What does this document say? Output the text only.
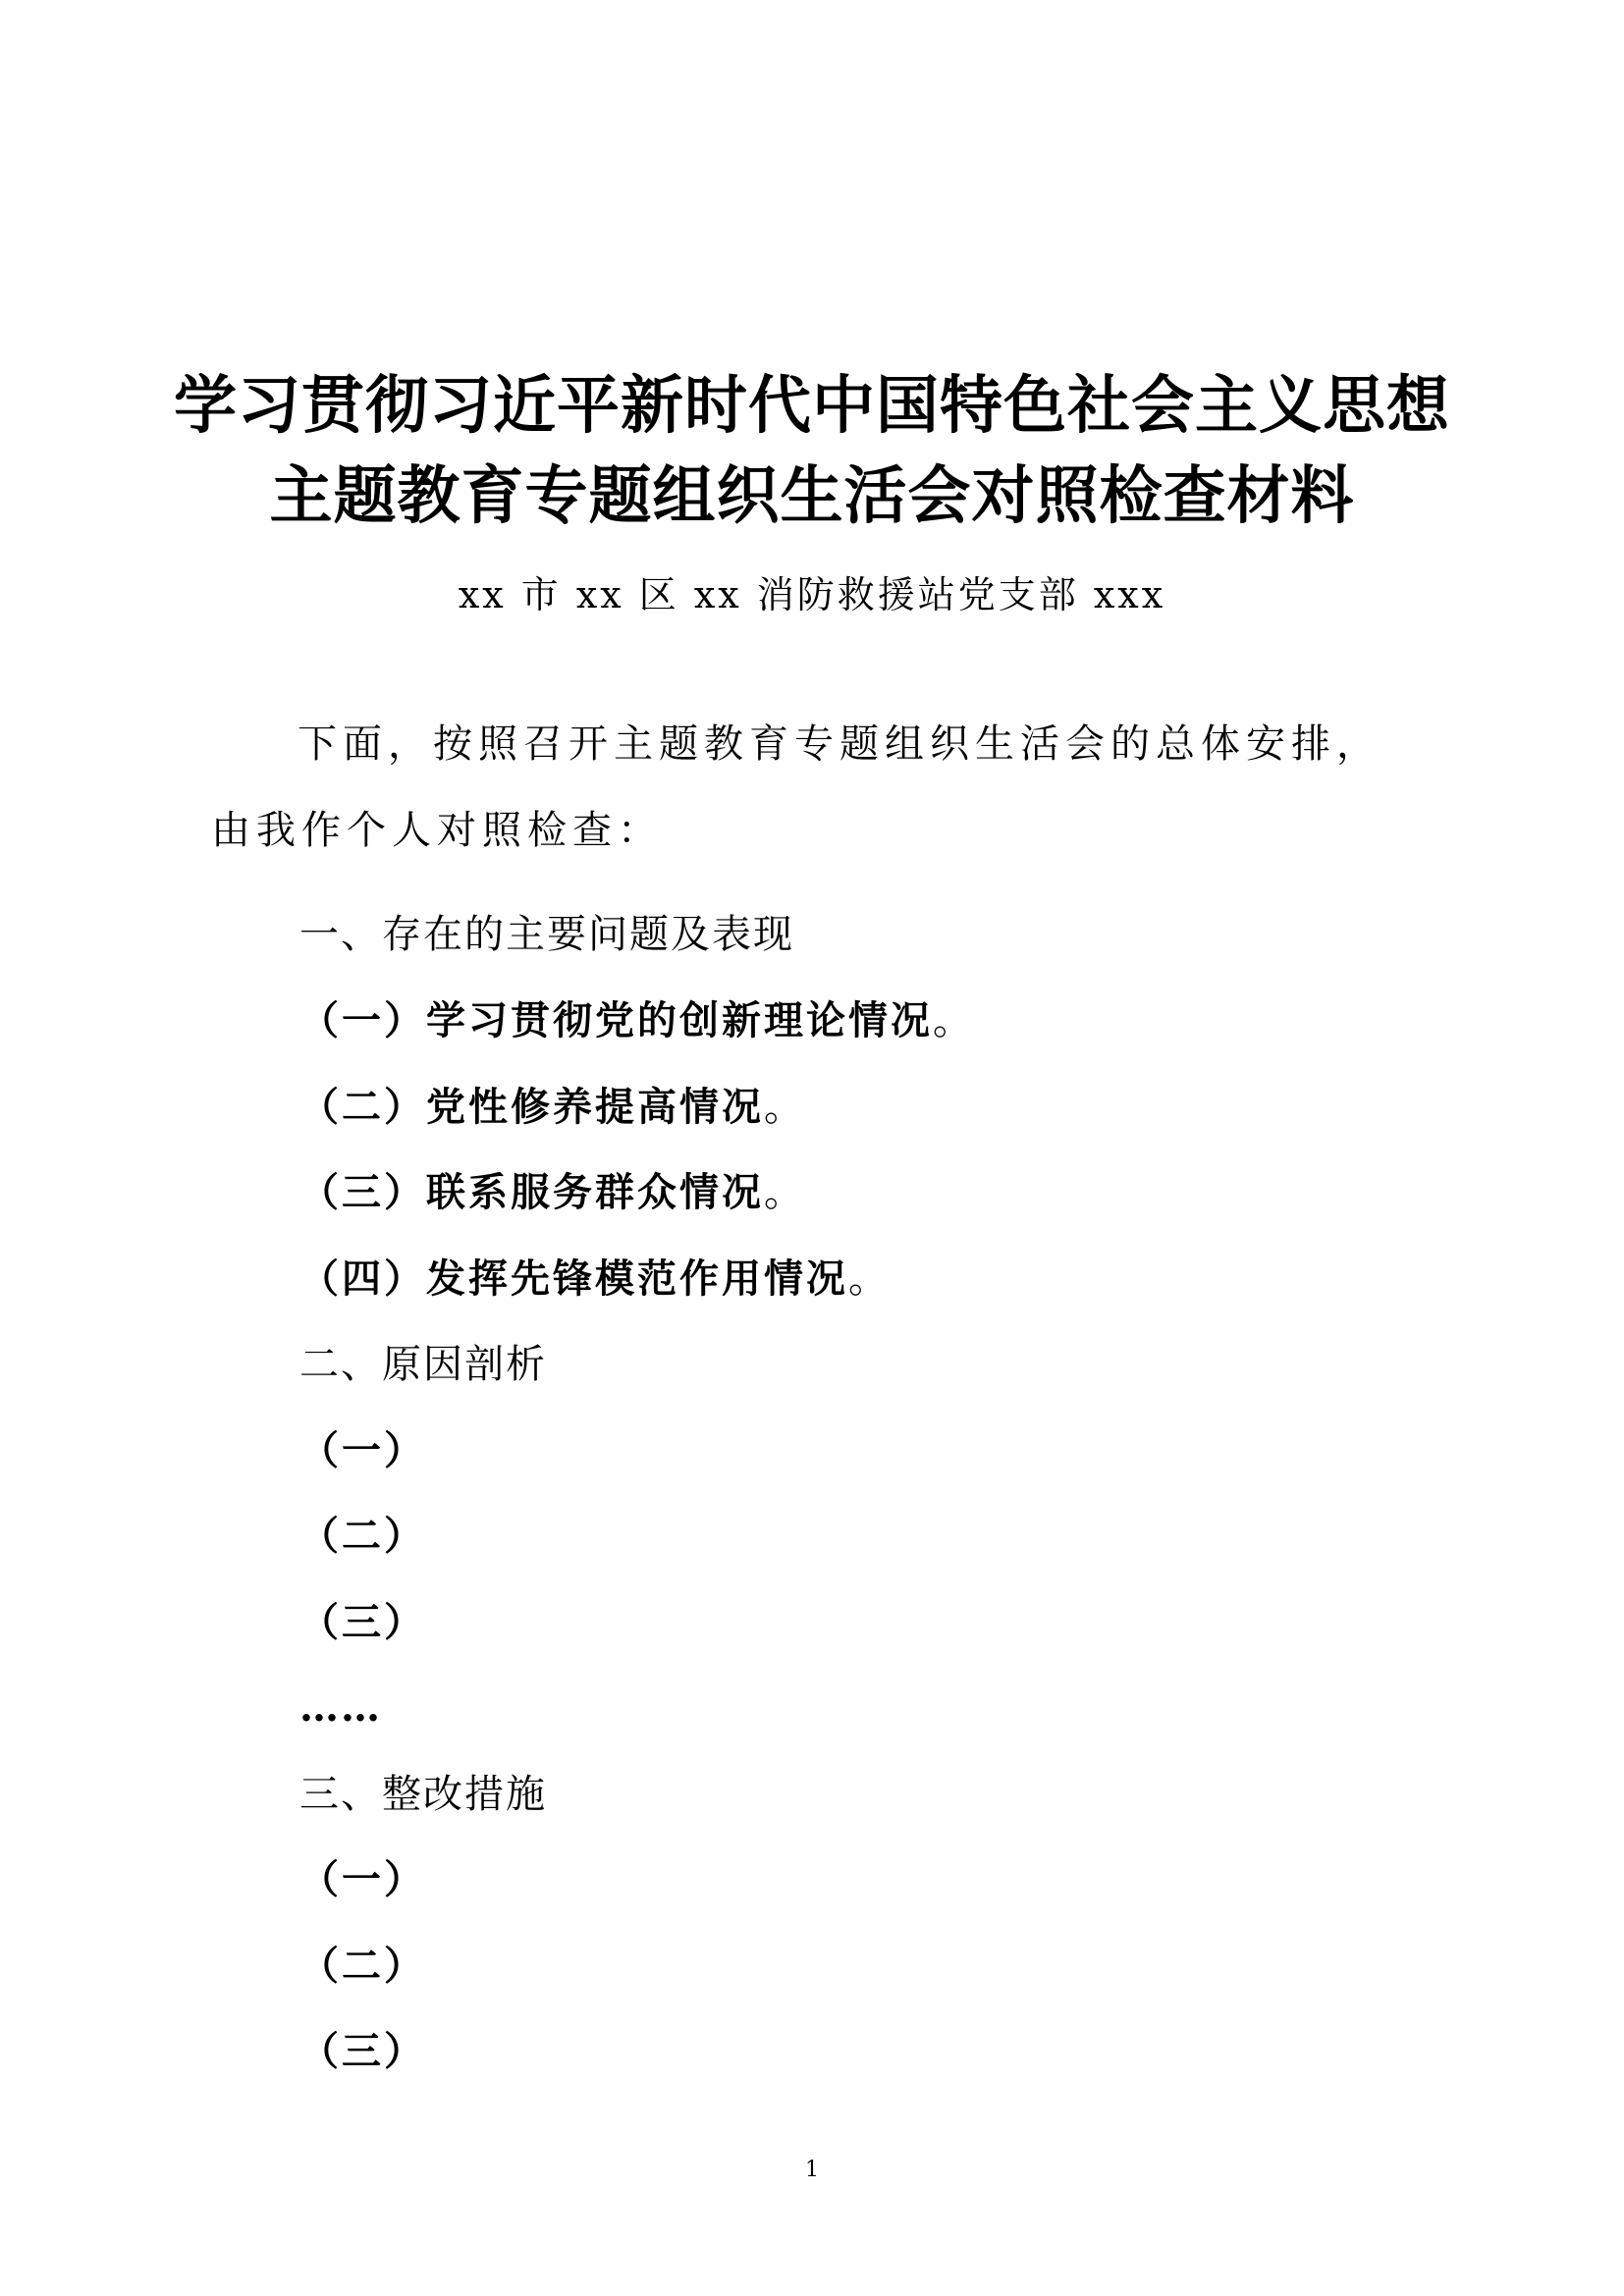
学习贯彻习近平新时代中国特色社会主义思想

主题教育专题组织生活会对照检查材料

xx 市 xx 区 xx 消防救援站党支部 xxx

下面，按照召开主题教育专题组织生活会的总体安排，由我作个人对照检查：

一、存在的主要问题及表现

（一）学习贯彻党的创新理论情况。

（二）党性修养提高情况。

（三）联系服务群众情况。

（四）发挥先锋模范作用情况。

二、原因剖析

（一）

（二）

（三）

……

三、整改措施

（一）

（二）

（三）

1
